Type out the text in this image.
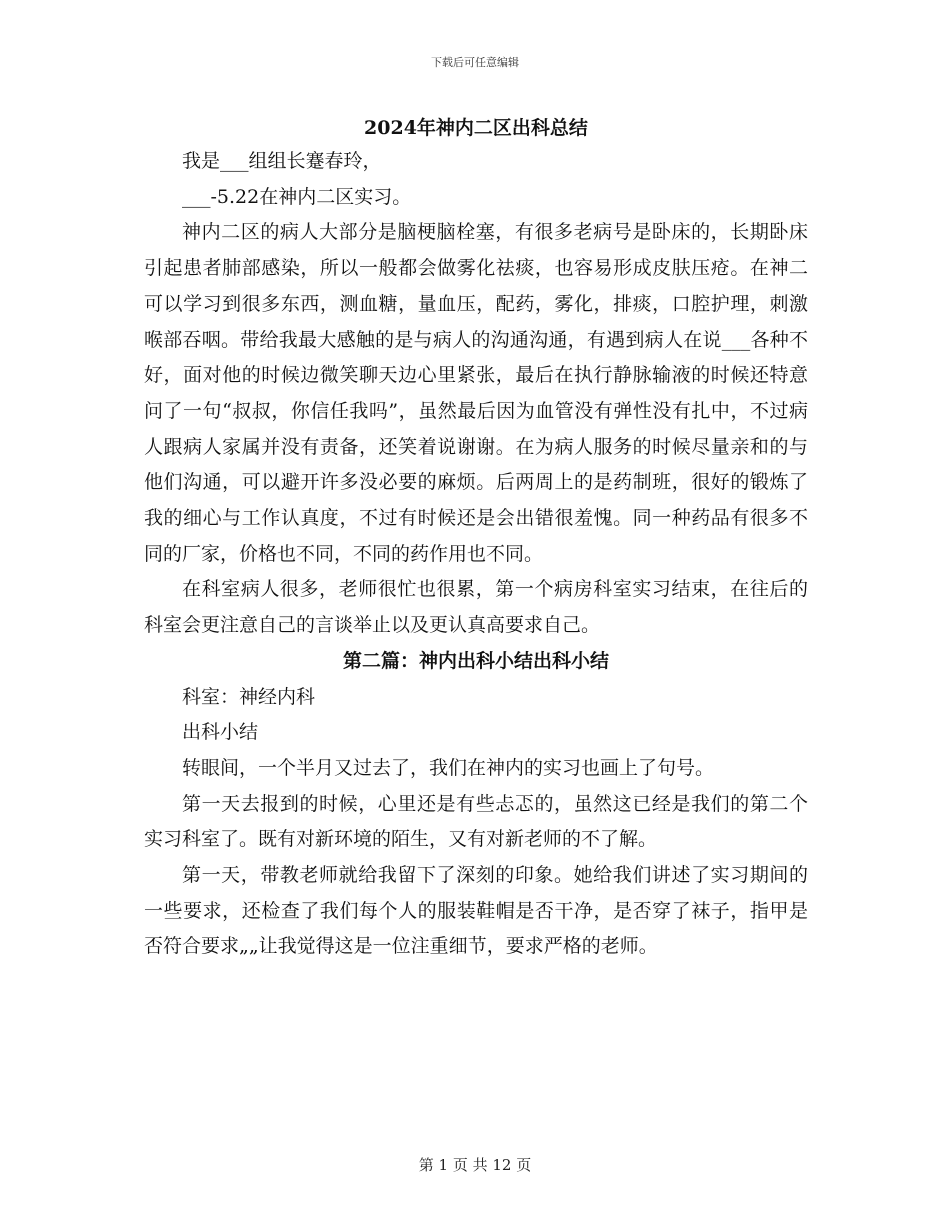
下载后可任意编辑
2024年神内二区出科总结

我是___组组长蹇春玲，

___-5.22在神内二区实习。

神内二区的病人大部分是脑梗脑栓塞，有很多老病号是卧床的，长期卧床引起患者肺部感染，所以一般都会做雾化祛痰，也容易形成皮肤压疮。在神二可以学习到很多东西，测血糖，量血压，配药，雾化，排痰，口腔护理，刺激喉部吞咽。带给我最大感触的是与病人的沟通沟通，有遇到病人在说___各种不好，面对他的时候边微笑聊天边心里紧张，最后在执行静脉输液的时候还特意问了一句“叔叔，你信任我吗”，虽然最后因为血管没有弹性没有扎中，不过病人跟病人家属并没有责备，还笑着说谢谢。在为病人服务的时候尽量亲和的与他们沟通，可以避开许多没必要的麻烦。后两周上的是药制班，很好的锻炼了我的细心与工作认真度，不过有时候还是会出错很羞愧。同一种药品有很多不同的厂家，价格也不同，不同的药作用也不同。

在科室病人很多，老师很忙也很累，第一个病房科室实习结束，在往后的科室会更注意自己的言谈举止以及更认真高要求自己。

第二篇：神内出科小结出科小结

科室：神经内科

出科小结

转眼间，一个半月又过去了，我们在神内的实习也画上了句号。

第一天去报到的时候，心里还是有些忐忑的，虽然这已经是我们的第二个实习科室了。既有对新环境的陌生，又有对新老师的不了解。

第一天，带教老师就给我留下了深刻的印象。她给我们讲述了实习期间的一些要求，还检查了我们每个人的服装鞋帽是否干净，是否穿了袜子，指甲是否符合要求„„让我觉得这是一位注重细节，要求严格的老师。

第 1 页 共 12 页
